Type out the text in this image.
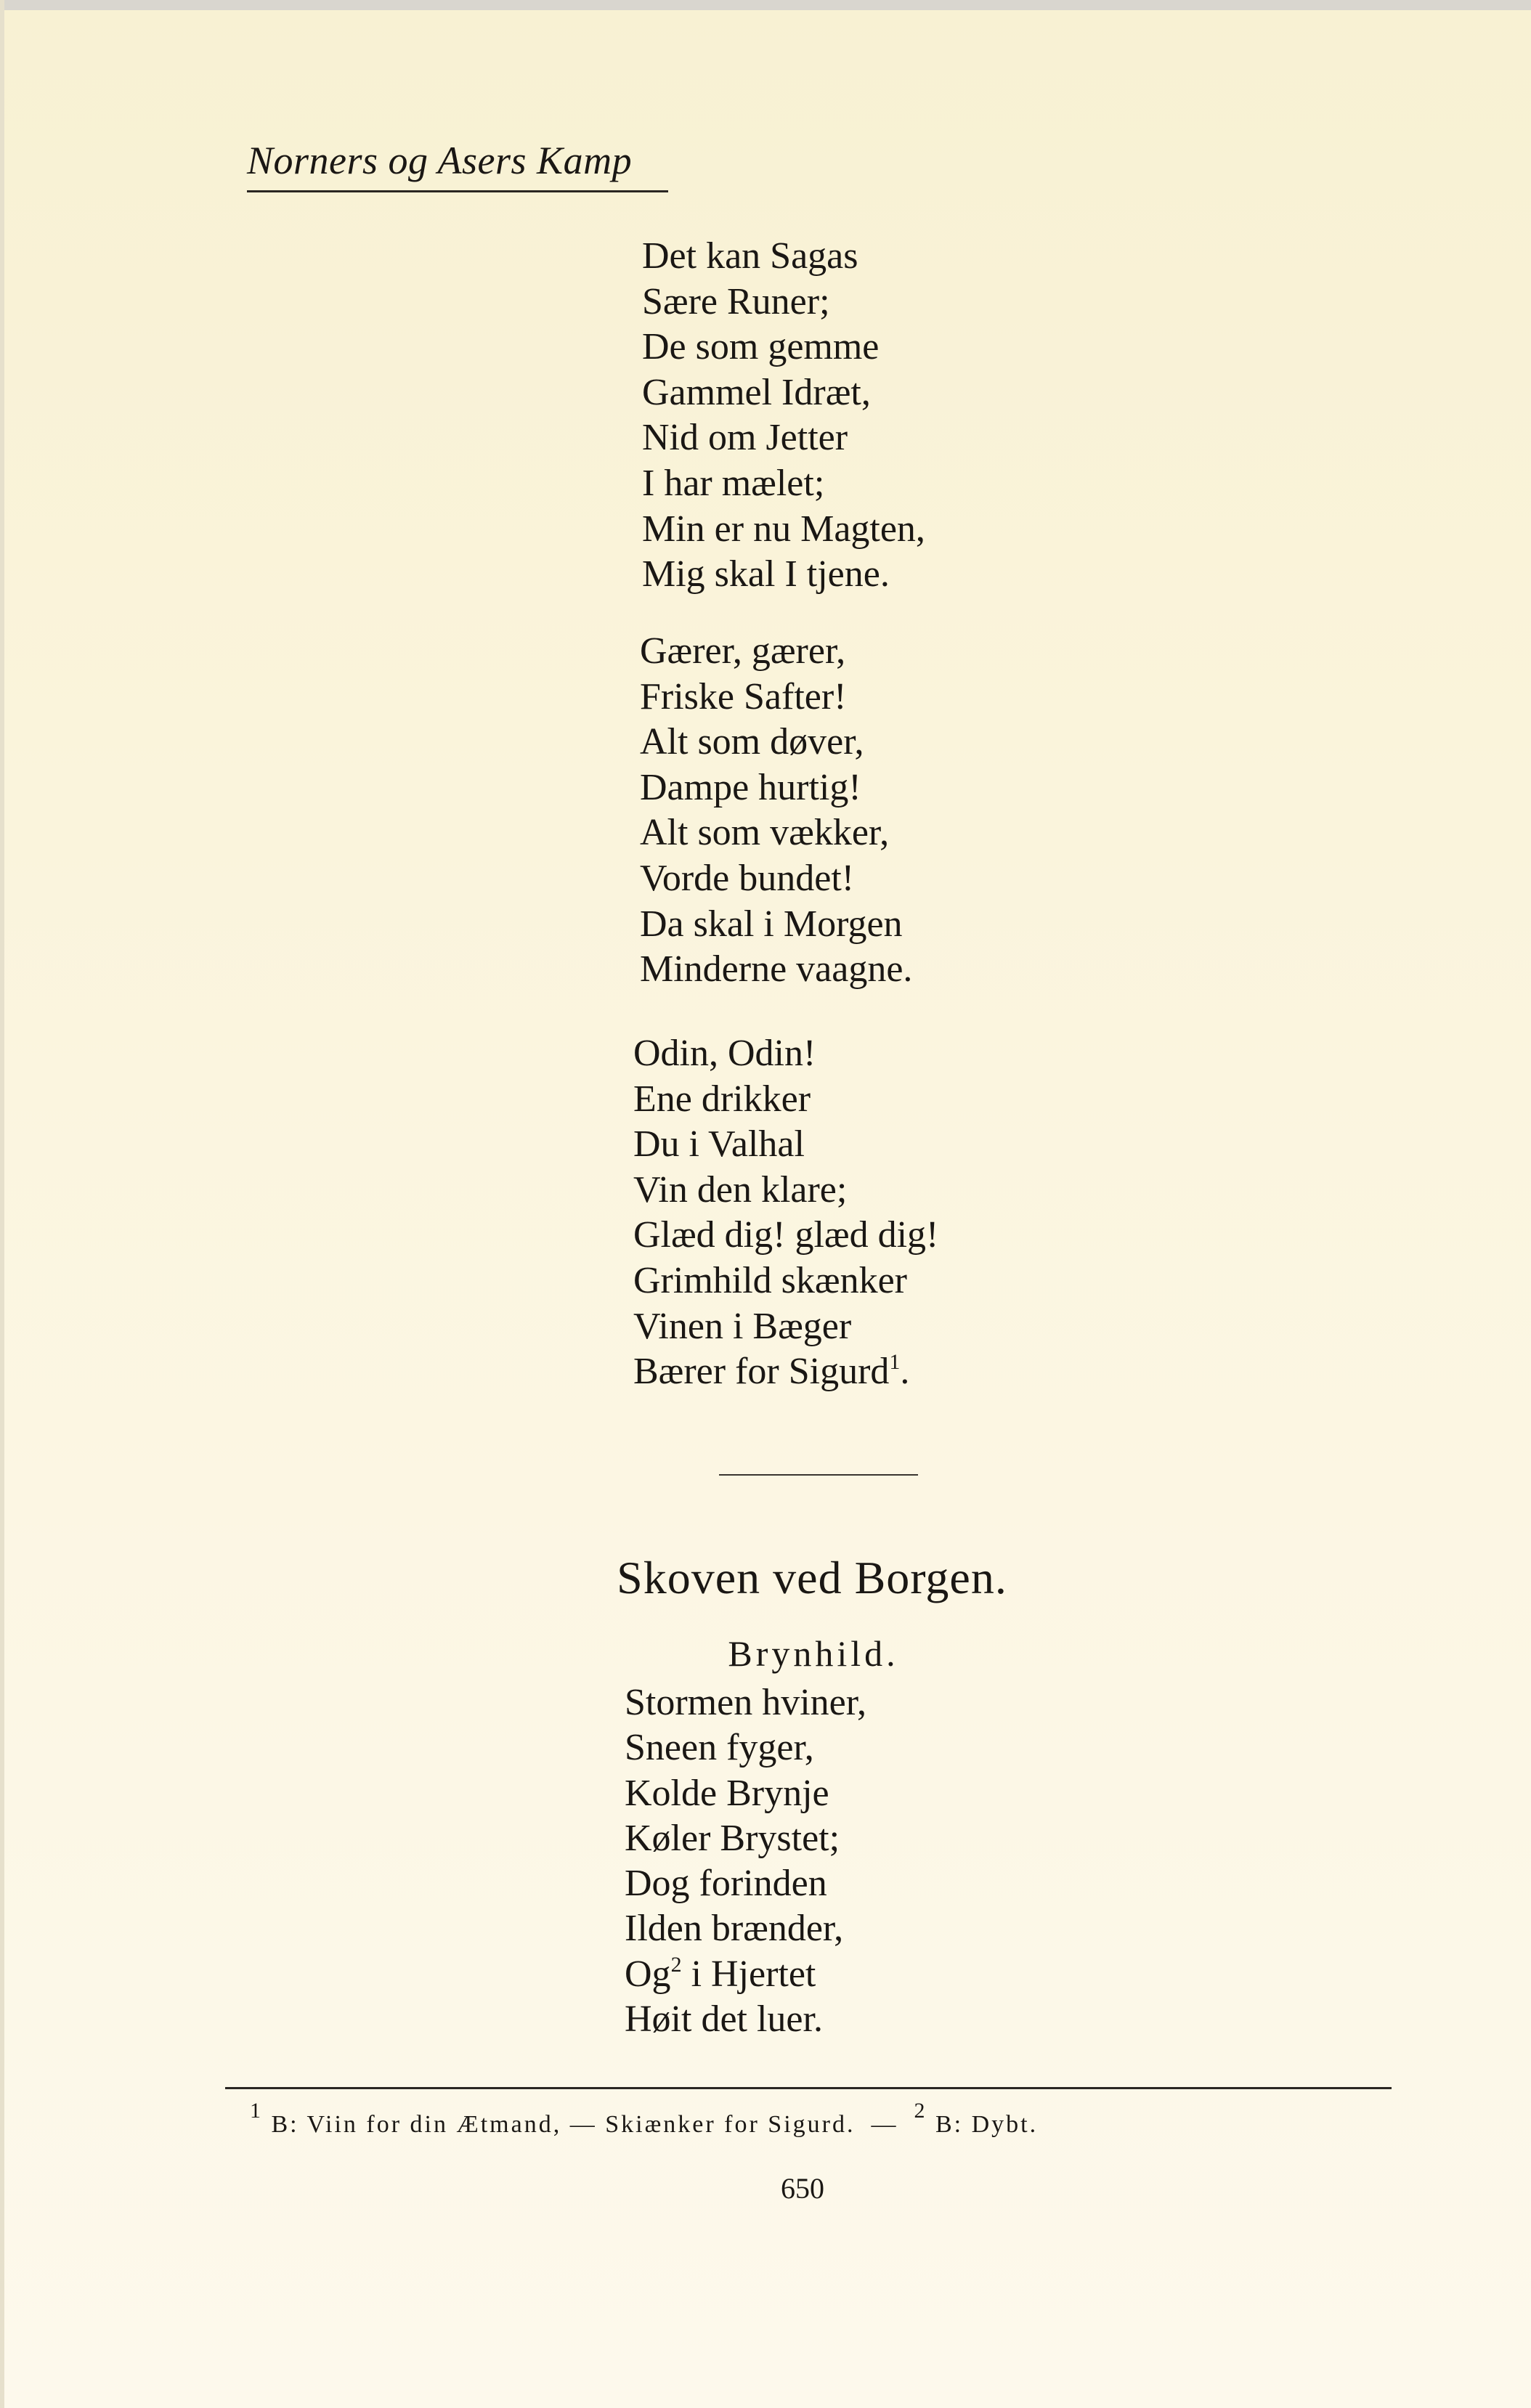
Norners og Asers Kamp
Det kan Sagas
Sære Runer;
De som gemme
Gammel Idræt,
Nid om Jetter
I har mælet;
Min er nu Magten,
Mig skal I tjene.
Gærer, gærer,
Friske Safter!
Alt som døver,
Dampe hurtig!
Alt som vækker,
Vorde bundet!
Da skal i Morgen
Minderne vaagne.
Odin, Odin!
Ene drikker
Du i Valhal
Vin den klare;
Glæd dig! glæd dig!
Grimhild skænker
Vinen i Bæger
Bærer for Sigurd$^1$.
Skoven ved Borgen.
Brynhild.
Stormen hviner,
Sneen fyger,
Kolde Brynje
Køler Brystet;
Dog forinden
Ilden brænder,
Og$^2$ i Hjertet
Høit det luer.
$^1$ B: Viin for din Ætmand, — Skiænker for Sigurd. —$^2$ B: Dybt.
650
